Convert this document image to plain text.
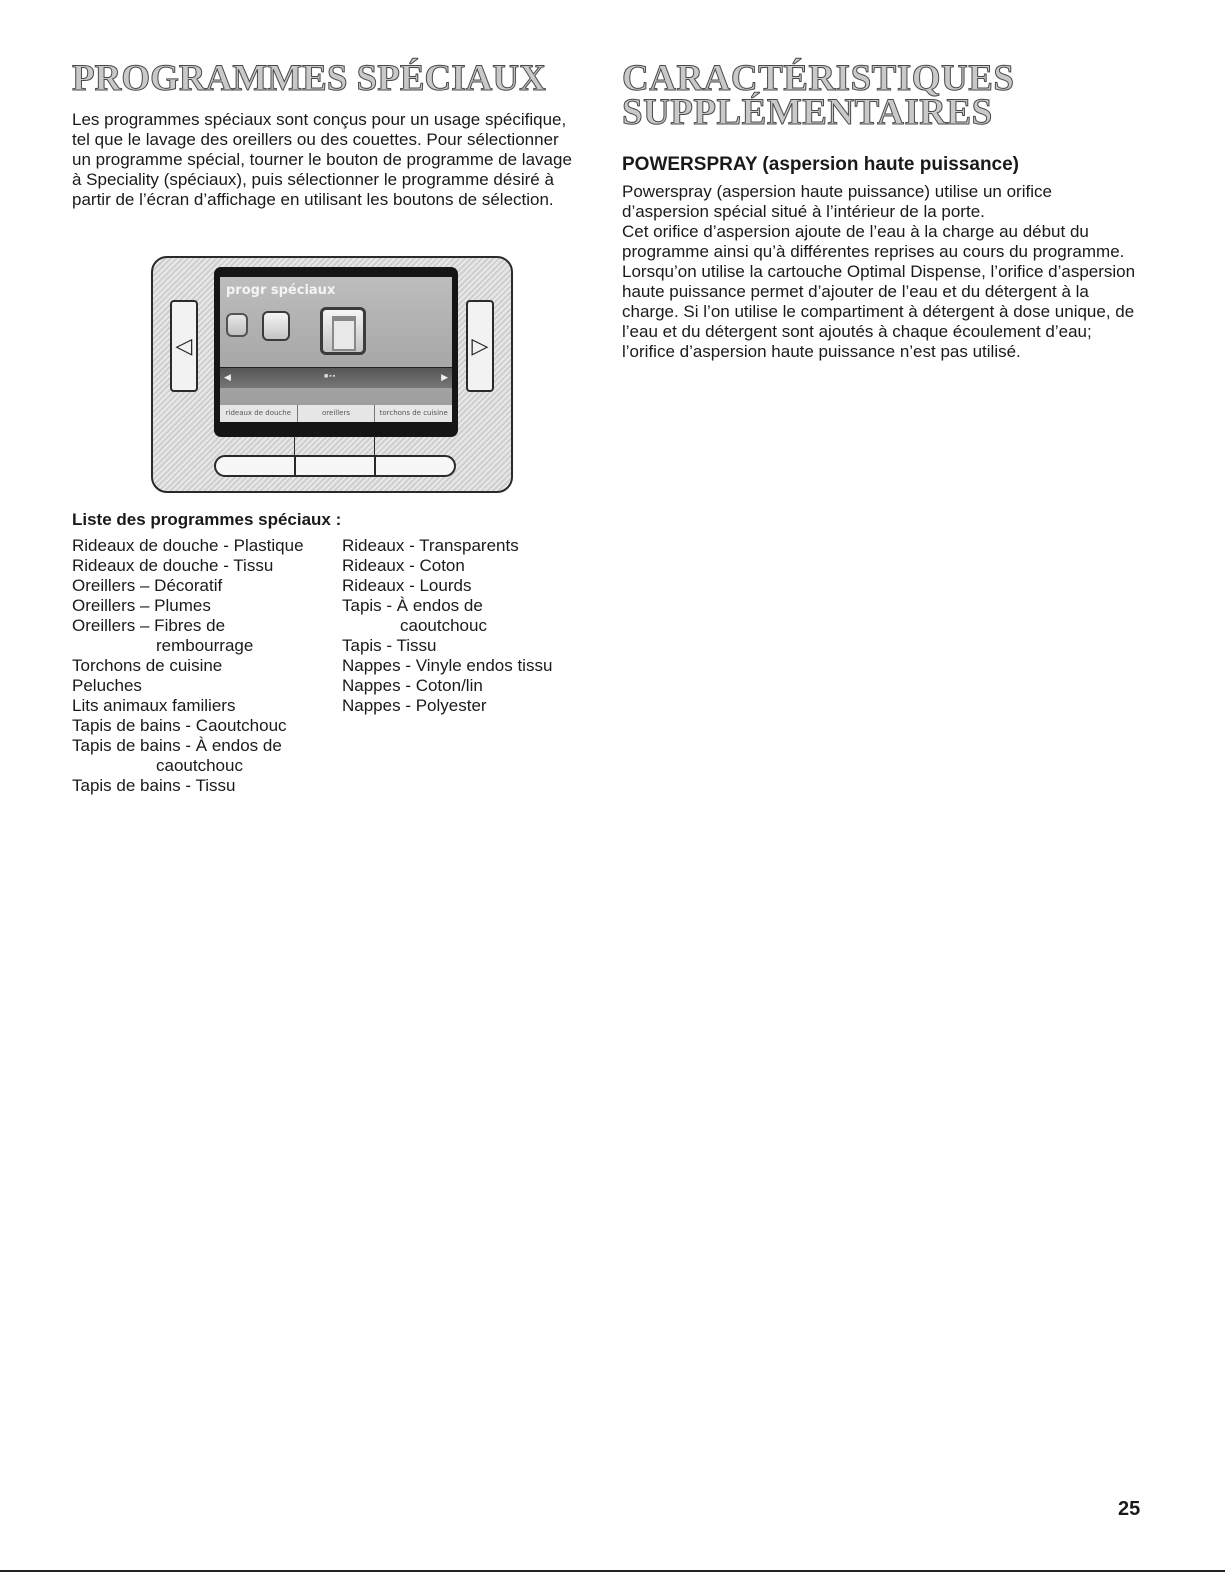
PROGRAMMES SPÉCIAUX

Les programmes spéciaux sont conçus pour un usage spécifique, tel que le lavage des oreillers ou des couettes. Pour sélectionner un programme spécial, tourner le bouton de programme de lavage à Speciality (spéciaux), puis sélectionner le programme désiré à partir de l’écran d’affichage en utilisant les boutons de sélection.

◁	▷
progr spéciaux
◀	■▪▪	▶
rideaux de douche	oreillers	torchons de cuisine
Liste des programmes spéciaux :
Rideaux de douche - Plastique
Rideaux de douche - Tissu
Oreillers – Décoratif
Oreillers – Plumes
Oreillers – Fibres de
rembourrage
Torchons de cuisine
Peluches
Lits animaux familiers
Tapis de bains - Caoutchouc
Tapis de bains - À endos de
caoutchouc
Tapis de bains - Tissu
Rideaux - Transparents
Rideaux - Coton
Rideaux - Lourds
Tapis - À endos de
caoutchouc
Tapis - Tissu
Nappes - Vinyle endos tissu
Nappes - Coton/lin
Nappes - Polyester
CARACTÉRISTIQUES
SUPPLÉMENTAIRES
POWERSPRAY (aspersion haute puissance)

Powerspray (aspersion haute puissance) utilise un orifice d’aspersion spécial situé à l’intérieur de la porte.

Cet orifice d’aspersion ajoute de l’eau à la charge au début du programme ainsi qu’à différentes reprises au cours du programme.

Lorsqu’on utilise la cartouche Optimal Dispense, l’orifice d’aspersion haute puissance permet d’ajouter de l’eau et du détergent à la charge. Si l’on utilise le compartiment à détergent à dose unique, de l’eau et du détergent sont ajoutés à chaque écoulement d’eau; l’orifice d’aspersion haute puissance n’est pas utilisé.

25
